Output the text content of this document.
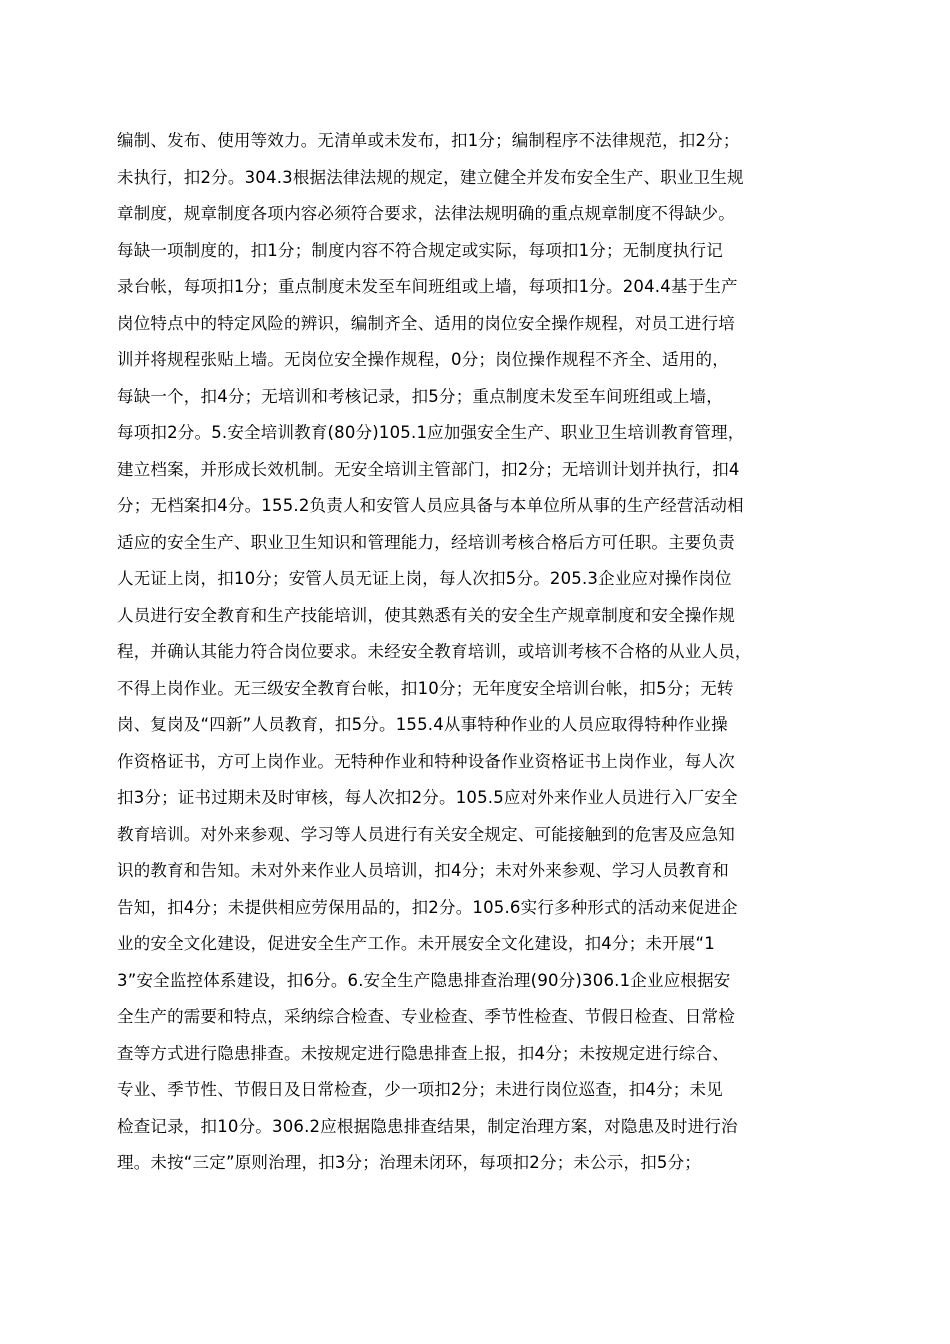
编制、发布、使用等效力。无清单或未发布，扣1分；编制程序不法律规范，扣2分；
未执行，扣2分。304.3根据法律法规的规定，建立健全并发布安全生产、职业卫生规
章制度，规章制度各项内容必须符合要求，法律法规明确的重点规章制度不得缺少。
每缺一项制度的，扣1分；制度内容不符合规定或实际，每项扣1分；无制度执行记
录台帐，每项扣1分；重点制度未发至车间班组或上墙，每项扣1分。204.4基于生产
岗位特点中的特定风险的辨识，编制齐全、适用的岗位安全操作规程，对员工进行培
训并将规程张贴上墙。无岗位安全操作规程，0分；岗位操作规程不齐全、适用的，
每缺一个，扣4分；无培训和考核记录，扣5分；重点制度未发至车间班组或上墙，
每项扣2分。5.安全培训教育(80分)105.1应加强安全生产、职业卫生培训教育管理，
建立档案，并形成长效机制。无安全培训主管部门，扣2分；无培训计划并执行，扣4
分；无档案扣4分。155.2负责人和安管人员应具备与本单位所从事的生产经营活动相
适应的安全生产、职业卫生知识和管理能力，经培训考核合格后方可任职。主要负责
人无证上岗，扣10分；安管人员无证上岗，每人次扣5分。205.3企业应对操作岗位
人员进行安全教育和生产技能培训，使其熟悉有关的安全生产规章制度和安全操作规
程，并确认其能力符合岗位要求。未经安全教育培训，或培训考核不合格的从业人员，
不得上岗作业。无三级安全教育台帐，扣10分；无年度安全培训台帐，扣5分；无转
岗、复岗及“四新”人员教育，扣5分。155.4从事特种作业的人员应取得特种作业操
作资格证书，方可上岗作业。无特种作业和特种设备作业资格证书上岗作业，每人次
扣3分；证书过期未及时审核，每人次扣2分。105.5应对外来作业人员进行入厂安全
教育培训。对外来参观、学习等人员进行有关安全规定、可能接触到的危害及应急知
识的教育和告知。未对外来作业人员培训，扣4分；未对外来参观、学习人员教育和
告知，扣4分；未提供相应劳保用品的，扣2分。105.6实行多种形式的活动来促进企
业的安全文化建设，促进安全生产工作。未开展安全文化建设，扣4分；未开展“1
3”安全监控体系建设，扣6分。6.安全生产隐患排查治理(90分)306.1企业应根据安
全生产的需要和特点，采纳综合检查、专业检查、季节性检查、节假日检查、日常检
查等方式进行隐患排查。未按规定进行隐患排查上报，扣4分；未按规定进行综合、
专业、季节性、节假日及日常检查，少一项扣2分；未进行岗位巡查，扣4分；未见
检查记录，扣10分。306.2应根据隐患排查结果，制定治理方案，对隐患及时进行治
理。未按“三定”原则治理，扣3分；治理未闭环，每项扣2分；未公示，扣5分；
